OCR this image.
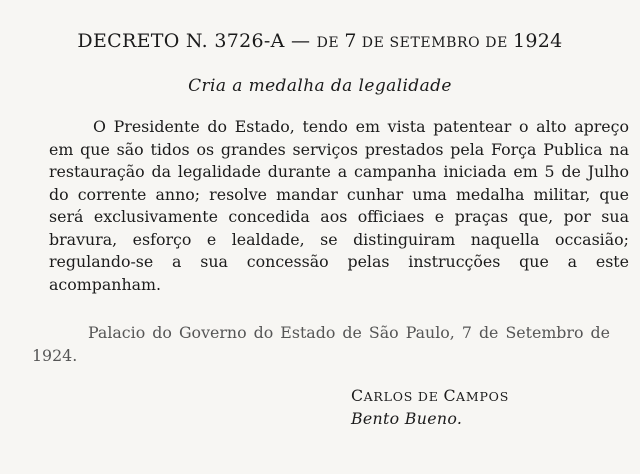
DECRETO N. 3726-A — DE 7 DE SETEMBRO DE 1924
Cria a medalha da legalidade

O Presidente do Estado, tendo em vista patentear o alto apreço em que são tidos os grandes serviços prestados pela Força Publica na restauração da legalidade durante a campanha iniciada em 5 de Julho do corrente anno; resolve mandar cunhar uma medalha militar, que será exclusivamente concedida aos officiaes e praças que, por sua bravura, esforço e lealdade, se distinguiram naquella occasião; regulando-se a sua concessão pelas instrucções que a este acompanham.

Palacio do Governo do Estado de São Paulo, 7 de Setembro de 1924.

CARLOS DE CAMPOS
Bento Bueno.
